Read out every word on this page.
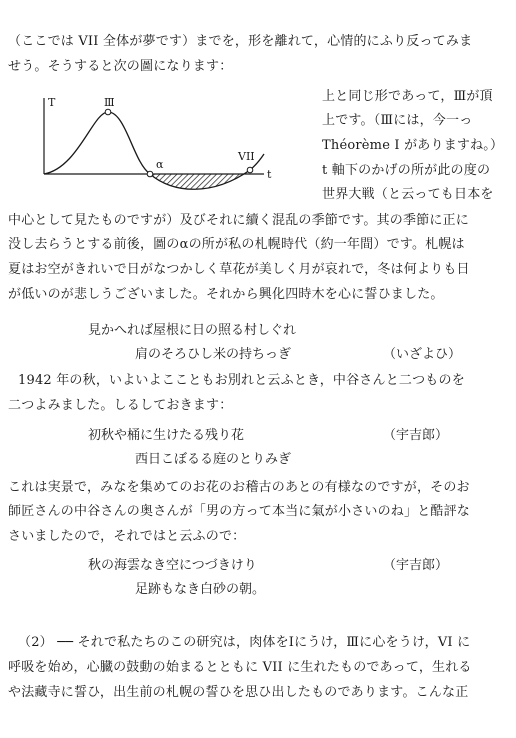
（ここでは VII 全体が夢です）までを，形を離れて，心情的にふり反ってみま
せう。そうすると次の圖になります：
T
t
Ⅲ
α
VII
上と同じ形であって，Ⅲが頂
上です。（Ⅲには，今一っ
Théorème Ⅰ がありますね。）
t 軸下のかげの所が此の度の
世界大戦（と云っても日本を
中心として見たものですが）及びそれに續く混乱の季節です。其の季節に正に
没し去らうとする前後，圖のαの所が私の札幌時代（約一年間）です。札幌は
夏はお空がきれいで日がなつかしく草花が美しく月が哀れで，冬は何よりも日
が低いのが悲しうございました。それから興化四時木を心に誓ひました。
見かへれば屋根に日の照る村しぐれ
肩のそろひし米の持ちっぎ	（いざよひ）
1942 年の秋，いよいよここともお別れと云ふとき，中谷さんと二つものを
二つよみました。しるしておきます：
初秋や桶に生けたる残り花	（宇吉郎）
西日こぼるる庭のとりみぎ
これは実景で，みなを集めてのお花のお稽古のあとの有様なのですが，そのお
師匠さんの中谷さんの奥さんが「男の方って本当に氣が小さいのね」と酷評な
さいましたので，それではと云ふので：
秋の海雲なき空につづきけり	（宇吉郎）
足跡もなき白砂の朝。
（2） ── それで私たちのこの研究は，肉体をⅠにうけ，Ⅲに心をうけ，VI に
呼吸を始め，心臓の鼓動の始まるとともに VII に生れたものであって，生れる
や法藏寺に誓ひ，出生前の札幌の誓ひを思ひ出したものであります。こんな正
